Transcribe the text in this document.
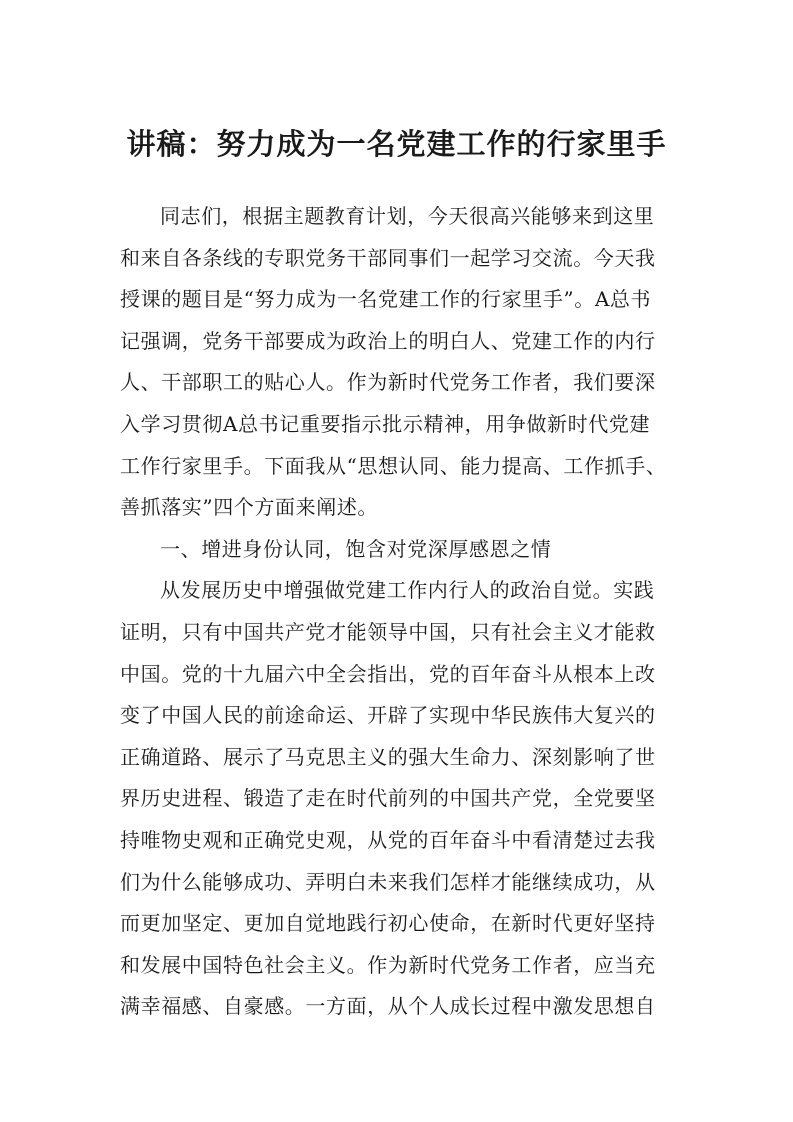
讲稿：努力成为一名党建工作的行家里手
同志们，根据主题教育计划，今天很高兴能够来到这里
和来自各条线的专职党务干部同事们一起学习交流。今天我
授课的题目是“努力成为一名党建工作的行家里手”。A总书
记强调，党务干部要成为政治上的明白人、党建工作的内行
人、干部职工的贴心人。作为新时代党务工作者，我们要深
入学习贯彻A总书记重要指示批示精神，用争做新时代党建
工作行家里手。下面我从“思想认同、能力提高、工作抓手、
善抓落实”四个方面来阐述。
一、增进身份认同，饱含对党深厚感恩之情
从发展历史中增强做党建工作内行人的政治自觉。实践
证明，只有中国共产党才能领导中国，只有社会主义才能救
中国。党的十九届六中全会指出，党的百年奋斗从根本上改
变了中国人民的前途命运、开辟了实现中华民族伟大复兴的
正确道路、展示了马克思主义的强大生命力、深刻影响了世
界历史进程、锻造了走在时代前列的中国共产党，全党要坚
持唯物史观和正确党史观，从党的百年奋斗中看清楚过去我
们为什么能够成功、弄明白未来我们怎样才能继续成功，从
而更加坚定、更加自觉地践行初心使命，在新时代更好坚持
和发展中国特色社会主义。作为新时代党务工作者，应当充
满幸福感、自豪感。一方面，从个人成长过程中激发思想自
